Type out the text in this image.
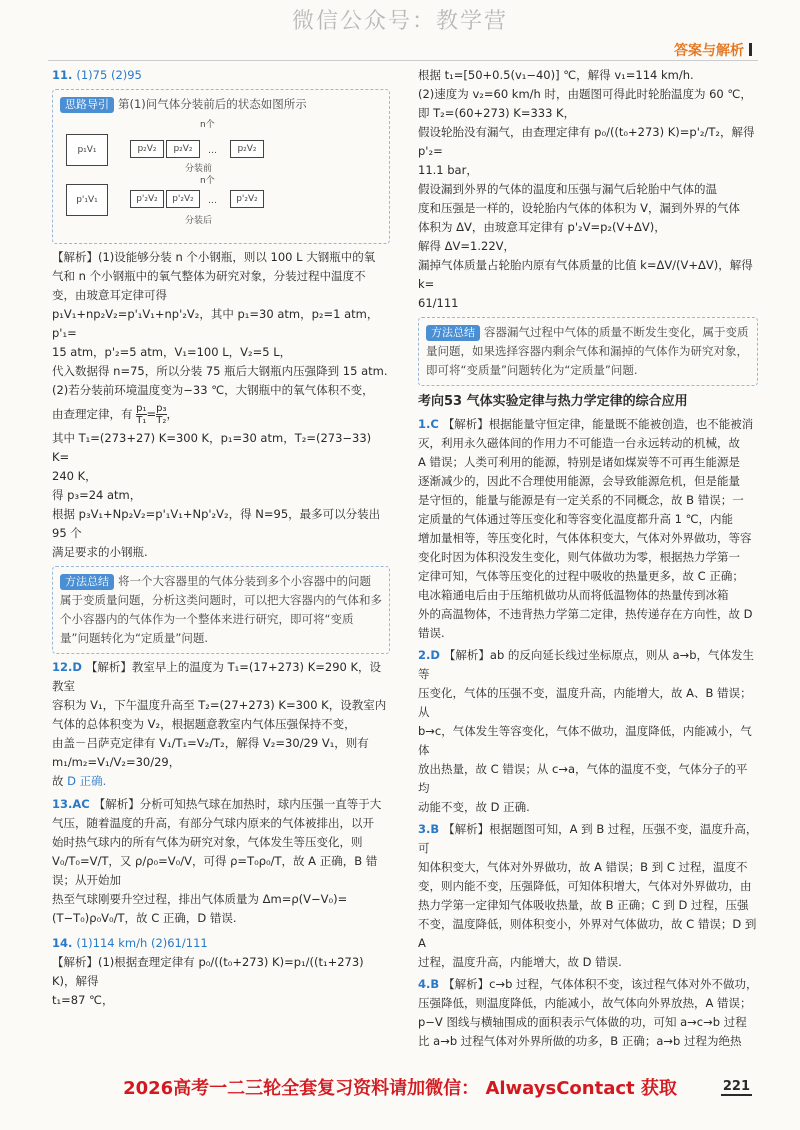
微信公众号：教学营
答案与解析

11. (1)75 (2)95

思路导引 第(1)问气体分装前后的状态如图所示
p₁V₁
p'₁V₁
n个
p₂V₂	p₂V₂	…	p₂V₂
分装前
n个
p'₂V₂	p'₂V₂	…	p'₂V₂
分装后

【解析】(1)设能够分装 n 个小钢瓶，则以 100 L 大钢瓶中的氧

气和 n 个小钢瓶中的氧气整体为研究对象，分装过程中温度不

变，由玻意耳定律可得

p₁V₁+np₂V₂=p'₁V₁+np'₂V₂，其中 p₁=30 atm，p₂=1 atm，p'₁=

15 atm，p'₂=5 atm，V₁=100 L，V₂=5 L，

代入数据得 n=75，所以分装 75 瓶后大钢瓶内压强降到 15 atm.

(2)若分装前环境温度变为−33 ℃，大钢瓶中的氧气体积不变，

由查理定律，有 $\frac{\text{p₁}}{\text{T₁}} = \frac{\text{p₃}}{\text{T₂}}$ ，

其中 T₁=(273+27) K=300 K，p₁=30 atm，T₂=(273−33) K=

240 K，

得 p₃=24 atm，

根据 p₃V₁+Np₂V₂=p'₁V₁+Np'₂V₂，得 N=95，最多可以分装出 95 个

满足要求的小钢瓶.

方法总结 将一个大容器里的气体分装到多个小容器中的问题属于变质量问题，分析这类问题时，可以把大容器内的气体和多个小容器内的气体作为一个整体来进行研究，即可将“变质量”问题转化为“定质量”问题.

12.D 【解析】教室早上的温度为 T₁=(17+273) K=290 K，设教室

容积为 V₁，下午温度升高至 T₂=(27+273) K=300 K，设教室内

气体的总体积变为 V₂，根据题意教室内气体压强保持不变，

由盖－吕萨克定律有 V₁/T₁=V₂/T₂，解得 V₂=30/29 V₁，则有 m₁/m₂=V₁/V₂=30/29，

故 D 正确.

13.AC 【解析】分析可知热气球在加热时，球内压强一直等于大

气压，随着温度的升高，有部分气球内原来的气体被排出，以开

始时热气球内的所有气体为研究对象，气体发生等压变化，则

V₀/T₀=V/T，又 ρ/ρ₀=V₀/V，可得 ρ=T₀ρ₀/T，故 A 正确，B 错误；从开始加

热至气球刚要升空过程，排出气体质量为 Δm=ρ(V−V₀)=

(T−T₀)ρ₀V₀/T，故 C 正确，D 错误.

14. (1)114 km/h (2)61/111

【解析】(1)根据查理定律有 p₀/((t₀+273) K)=p₁/((t₁+273) K)，解得

t₁=87 ℃，

根据 t₁=[50+0.5(v₁−40)] ℃，解得 v₁=114 km/h.

(2)速度为 v₂=60 km/h 时，由题图可得此时轮胎温度为 60 ℃，

即 T₂=(60+273) K=333 K，

假设轮胎没有漏气，由查理定律有 p₀/((t₀+273) K)=p'₂/T₂，解得 p'₂=

11.1 bar，

假设漏到外界的气体的温度和压强与漏气后轮胎中气体的温

度和压强是一样的，设轮胎内气体的体积为 V，漏到外界的气体

体积为 ΔV，由玻意耳定律有 p'₂V=p₂(V+ΔV)，

解得 ΔV=1.22V，

漏掉气体质量占轮胎内原有气体质量的比值 k=ΔV/(V+ΔV)，解得 k=

61/111

方法总结 容器漏气过程中气体的质量不断发生变化，属于变质量问题，如果选择容器内剩余气体和漏掉的气体作为研究对象，即可将“变质量”问题转化为“定质量”问题.
考向53 气体实验定律与热力学定律的综合应用

1.C 【解析】根据能量守恒定律，能量既不能被创造，也不能被消

灭，利用永久磁体间的作用力不可能造一台永远转动的机械，故

A 错误；人类可利用的能源，特别是诸如煤炭等不可再生能源是

逐渐减少的，因此不合理使用能源，会导致能源危机，但是能量

是守恒的，能量与能源是有一定关系的不同概念，故 B 错误；一

定质量的气体通过等压变化和等容变化温度都升高 1 ℃，内能

增加量相等，等压变化时，气体体积变大，气体对外界做功，等容

变化时因为体积没发生变化，则气体做功为零，根据热力学第一

定律可知，气体等压变化的过程中吸收的热量更多，故 C 正确；

电冰箱通电后由于压缩机做功从而将低温物体的热量传到冰箱

外的高温物体，不违背热力学第二定律，热传递存在方向性，故 D

错误.

2.D 【解析】ab 的反向延长线过坐标原点，则从 a→b，气体发生等

压变化，气体的压强不变，温度升高，内能增大，故 A、B 错误；从

b→c，气体发生等容变化，气体不做功，温度降低，内能减小，气体

放出热量，故 C 错误；从 c→a，气体的温度不变，气体分子的平均

动能不变，故 D 正确.

3.B 【解析】根据题图可知，A 到 B 过程，压强不变，温度升高，可

知体积变大，气体对外界做功，故 A 错误；B 到 C 过程，温度不

变，则内能不变，压强降低，可知体积增大，气体对外界做功，由

热力学第一定律知气体吸收热量，故 B 正确；C 到 D 过程，压强

不变，温度降低，则体积变小，外界对气体做功，故 C 错误；D 到 A

过程，温度升高，内能增大，故 D 错误.

4.B 【解析】c→b 过程，气体体积不变，该过程气体对外不做功，

压强降低，则温度降低，内能减小，故气体向外界放热，A 错误；

p−V 图线与横轴围成的面积表示气体做的功，可知 a→c→b 过程

比 a→b 过程气体对外界所做的功多，B 正确；a→b 过程为绝热

2026高考一二三轮全套复习资料请加微信： AlwaysContact 获取	221
